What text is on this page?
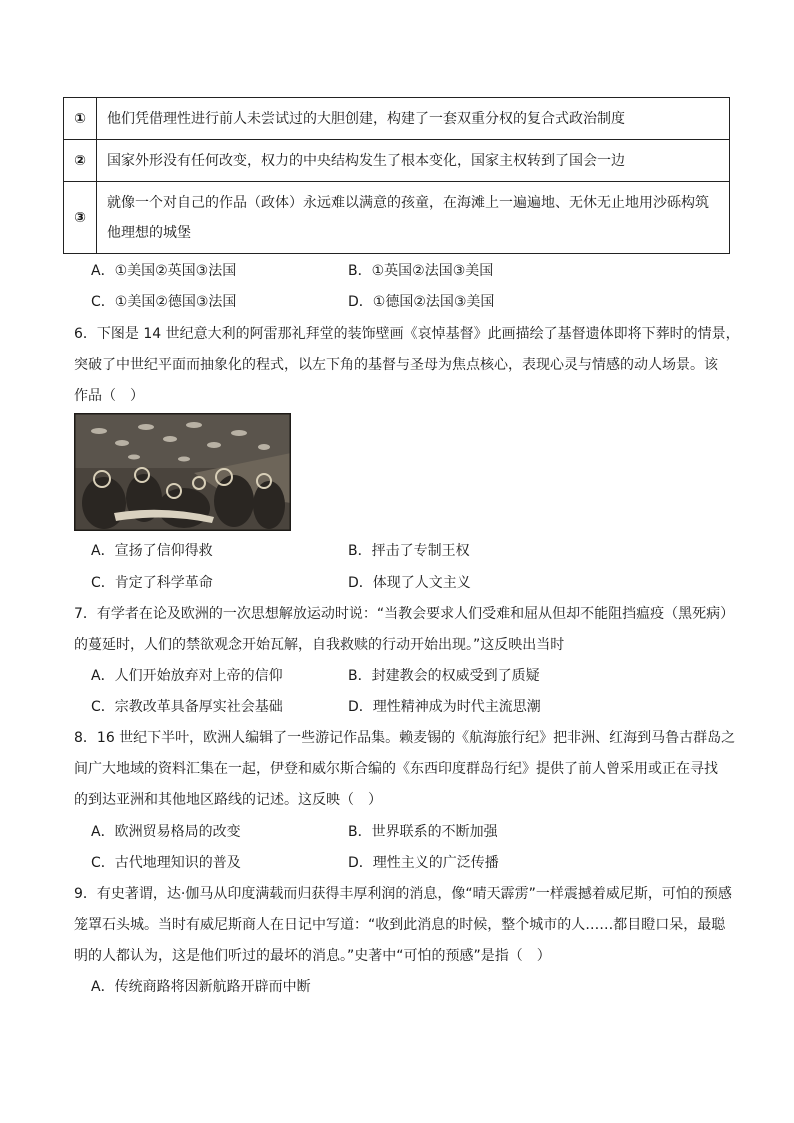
①	他们凭借理性进行前人未尝试过的大胆创建，构建了一套双重分权的复合式政治制度
②	国家外形没有任何改变，权力的中央结构发生了根本变化，国家主权转到了国会一边
③	就像一个对自己的作品（政体）永远难以满意的孩童，在海滩上一遍遍地、无休无止地用沙砾构筑他理想的城堡
A．①美国②英国③法国	B．①英国②法国③美国
C．①美国②德国③法国	D．①德国②法国③美国
6．下图是 14 世纪意大利的阿雷那礼拜堂的装饰壁画《哀悼基督》此画描绘了基督遗体即将下葬时的情景，
突破了中世纪平面而抽象化的程式，以左下角的基督与圣母为焦点核心，表现心灵与情感的动人场景。该
作品（　）
A．宣扬了信仰得救	B．抨击了专制王权
C．肯定了科学革命	D．体现了人文主义
7．有学者在论及欧洲的一次思想解放运动时说：“当教会要求人们受难和屈从但却不能阻挡瘟疫（黑死病）
的蔓延时，人们的禁欲观念开始瓦解，自我救赎的行动开始出现。”这反映出当时
A．人们开始放弃对上帝的信仰	B．封建教会的权威受到了质疑
C．宗教改革具备厚实社会基础	D．理性精神成为时代主流思潮
8．16 世纪下半叶，欧洲人编辑了一些游记作品集。赖麦锡的《航海旅行纪》把非洲、红海到马鲁古群岛之
间广大地域的资料汇集在一起，伊登和威尔斯合编的《东西印度群岛行纪》提供了前人曾采用或正在寻找
的到达亚洲和其他地区路线的记述。这反映（　）
A．欧洲贸易格局的改变	B．世界联系的不断加强
C．古代地理知识的普及	D．理性主义的广泛传播
9．有史著谓，达·伽马从印度满载而归获得丰厚利润的消息，像“晴天霹雳”一样震撼着威尼斯，可怕的预感
笼罩石头城。当时有威尼斯商人在日记中写道：“收到此消息的时候，整个城市的人……都目瞪口呆，最聪
明的人都认为，这是他们听过的最坏的消息。”史著中“可怕的预感”是指（　）
A．传统商路将因新航路开辟而中断
